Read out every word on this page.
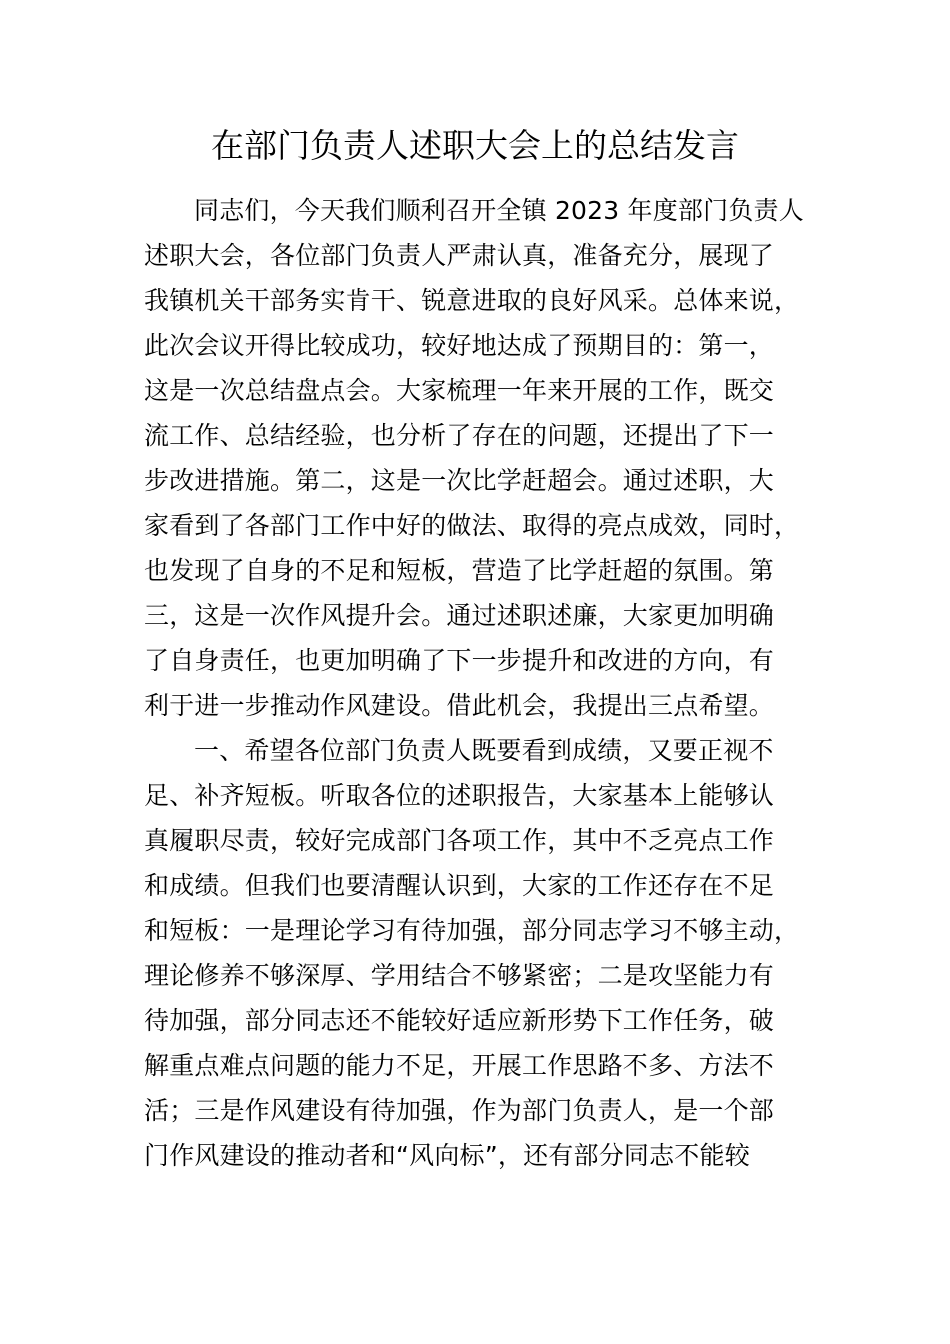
在部门负责人述职大会上的总结发言
同志们，今天我们顺利召开全镇 2023 年度部门负责人
述职大会，各位部门负责人严肃认真，准备充分，展现了
我镇机关干部务实肯干、锐意进取的良好风采。总体来说，
此次会议开得比较成功，较好地达成了预期目的：第一，
这是一次总结盘点会。大家梳理一年来开展的工作，既交
流工作、总结经验，也分析了存在的问题，还提出了下一
步改进措施。第二，这是一次比学赶超会。通过述职，大
家看到了各部门工作中好的做法、取得的亮点成效，同时，
也发现了自身的不足和短板，营造了比学赶超的氛围。第
三，这是一次作风提升会。通过述职述廉，大家更加明确
了自身责任，也更加明确了下一步提升和改进的方向，有
利于进一步推动作风建设。借此机会，我提出三点希望。
一、希望各位部门负责人既要看到成绩，又要正视不
足、补齐短板。听取各位的述职报告，大家基本上能够认
真履职尽责，较好完成部门各项工作，其中不乏亮点工作
和成绩。但我们也要清醒认识到，大家的工作还存在不足
和短板：一是理论学习有待加强，部分同志学习不够主动，
理论修养不够深厚、学用结合不够紧密；二是攻坚能力有
待加强，部分同志还不能较好适应新形势下工作任务，破
解重点难点问题的能力不足，开展工作思路不多、方法不
活；三是作风建设有待加强，作为部门负责人，是一个部
门作风建设的推动者和“风向标”，还有部分同志不能较
